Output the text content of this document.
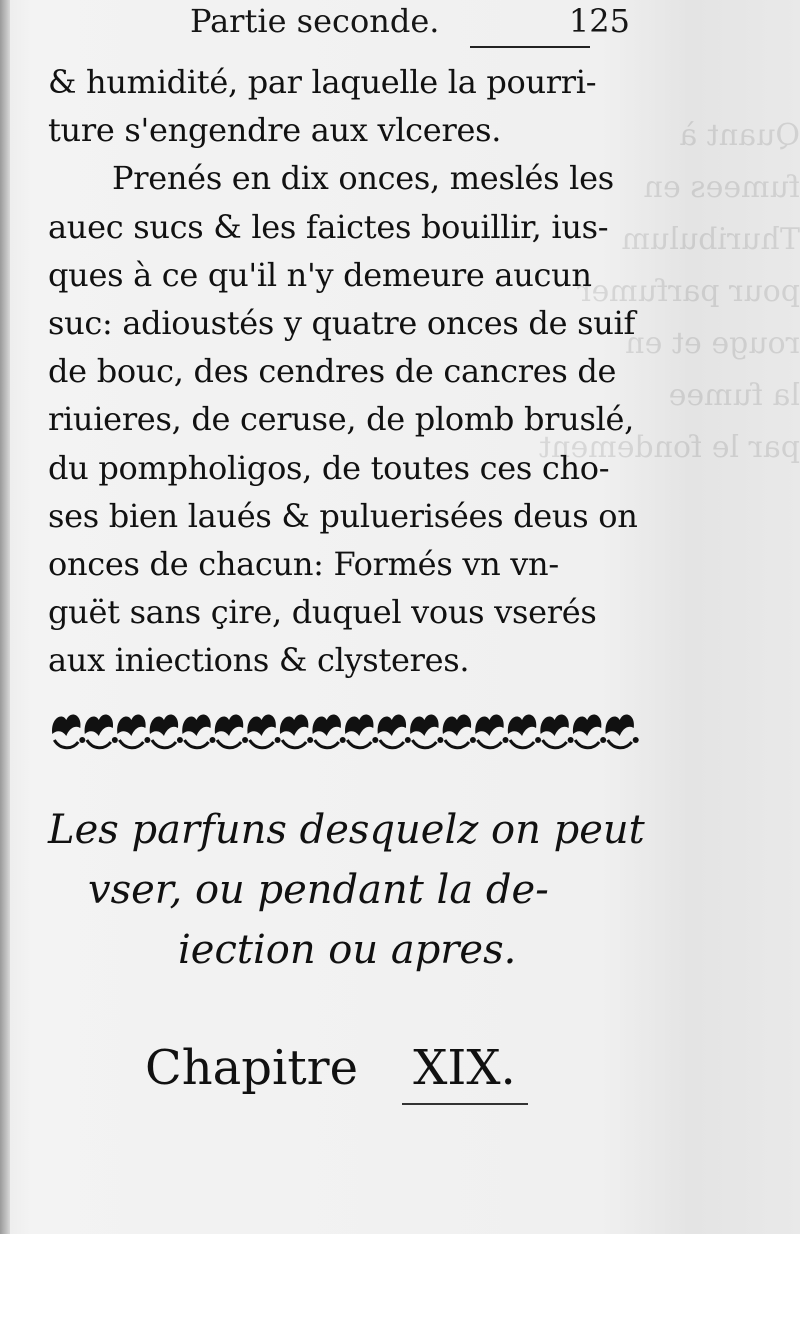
Quant à
fumees en
Thuribulum
pour parfumer
rouge et en
la fumee
par le fondement
Partie seconde.	125
& humidité, par laquelle la pourri-
ture s'engendre aux vlceres.
Prenés en dix onces, meslés les
auec sucs & les faictes bouillir, ius-
ques à ce qu'il n'y demeure aucun
suc: adioustés y quatre onces de suif
de bouc, des cendres de cancres de
riuieres, de ceruse, de plomb bruslé,
du pompholigos, de toutes ces cho-
ses bien laués & puluerisées deus on
onces de chacun: Formés vn vn-
guët sans çire, duquel vous vserés
aux iniections & clysteres.
Les parfuns desquelz on peut
vser, ou pendant la de-
iection ou apres.
Chapitre XIX.
